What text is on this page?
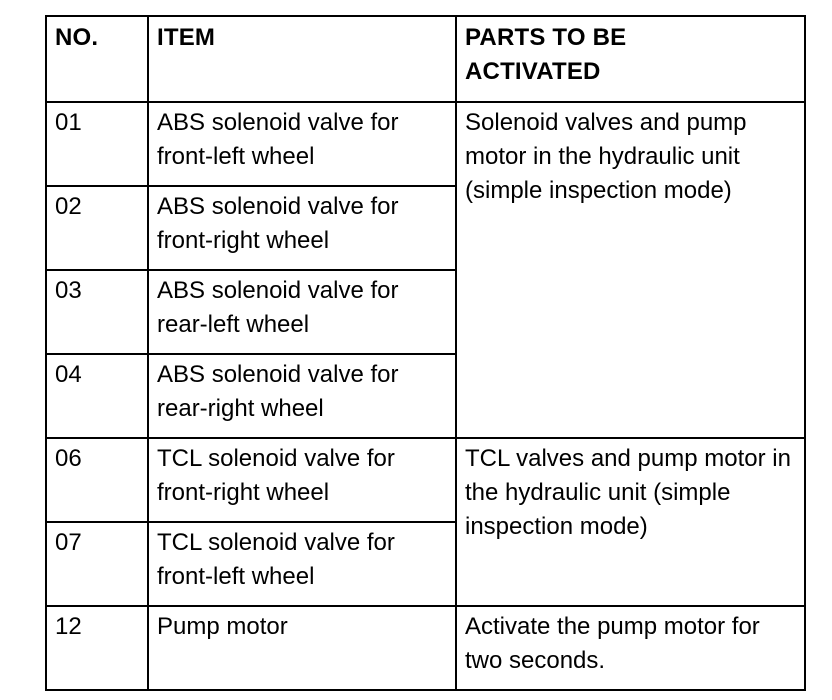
NO.	ITEM	PARTS TO BE ACTIVATED

01	ABS solenoid valve for front-left wheel	Solenoid valves and pump motor in the hydraulic unit (simple inspection mode)

02	ABS solenoid valve for front-right wheel	

03	ABS solenoid valve for rear-left wheel	

04	ABS solenoid valve for rear-right wheel	

06	TCL solenoid valve for front-right wheel	TCL valves and pump motor in the hydraulic unit (simple inspection mode)

07	TCL solenoid valve for front-left wheel	

12	Pump motor	Activate the pump motor for two seconds.
